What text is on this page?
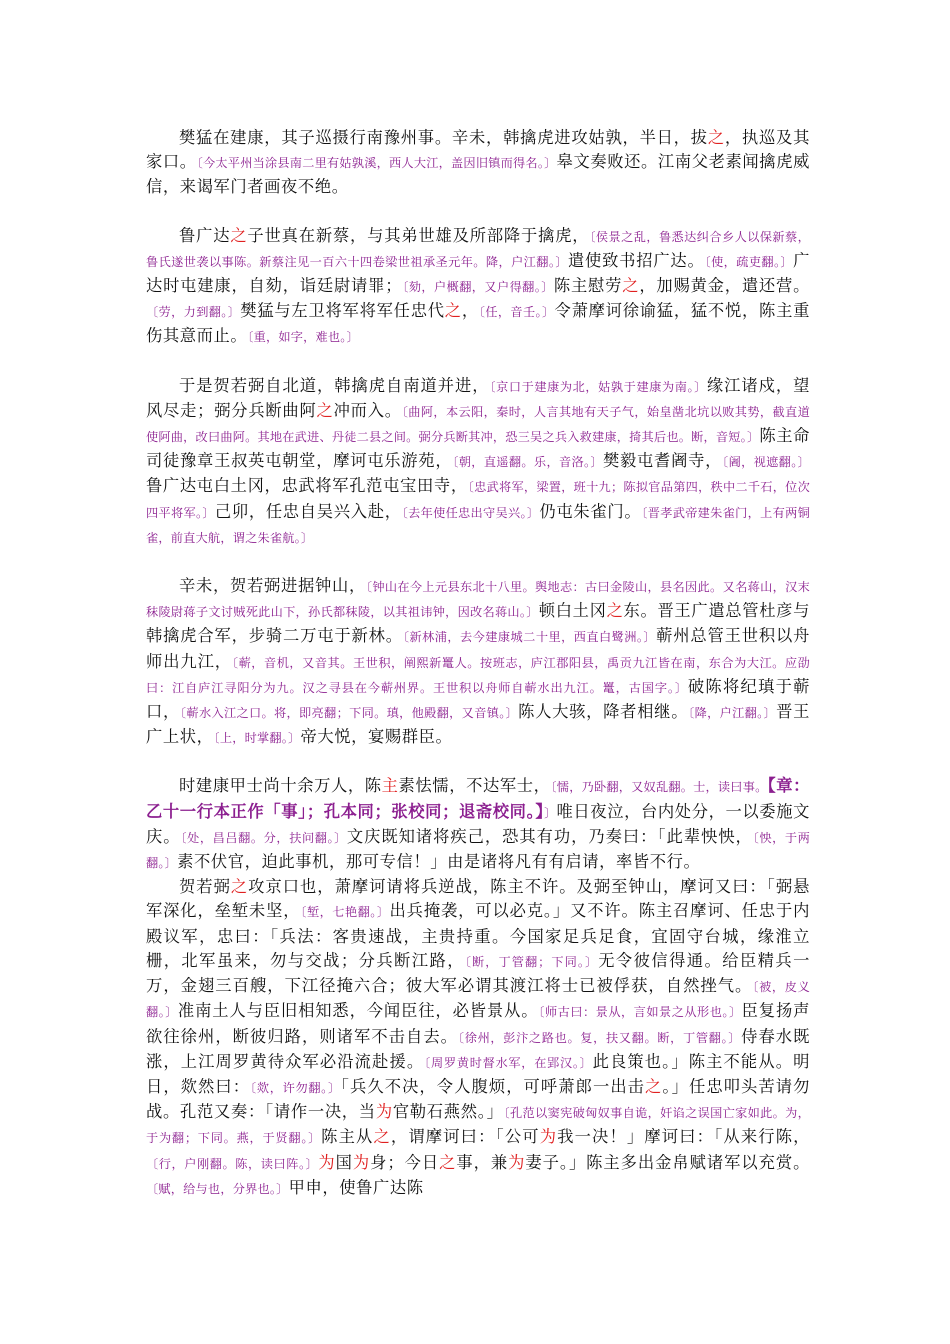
樊猛在建康，其子巡摄行南豫州事。辛未，韩擒虎进攻姑孰，半日，拔之，执巡及其家口。〔今太平州当涂县南二里有姑孰溪，西人大江，盖因旧镇而得名。〕皋文奏败还。江南父老素闻擒虎威信，来谒军门者画夜不绝。

鲁广达之子世真在新蔡，与其弟世雄及所部降于擒虎，〔侯景之乱，鲁悉达纠合乡人以保新蔡，鲁氏遂世袭以事陈。新蔡注见一百六十四卷梁世祖承圣元年。降，户江翻。〕遣使致书招广达。〔使，疏吏翻。〕广达时屯建康，自劾，诣廷尉请罪；〔劾，户概翻，又户得翻。〕陈主慰劳之，加赐黄金，遣还营。〔劳，力到翻。〕樊猛与左卫将军将军任忠代之，〔任，音壬。〕令萧摩诃徐谕猛，猛不悦，陈主重伤其意而止。〔重，如字，难也。〕

于是贺若弼自北道，韩擒虎自南道并进，〔京口于建康为北，姑孰于建康为南。〕缘江诸戍，望风尽走；弼分兵断曲阿之冲而入。〔曲阿，本云阳，秦时，人言其地有天子气，始皇凿北坑以败其势，截直道使阿曲，改曰曲阿。其地在武进、丹徒二县之间。弼分兵断其冲，恐三吴之兵入救建康，掎其后也。断，音短。〕陈主命司徒豫章王叔英屯朝堂，摩诃屯乐游苑，〔朝，直遥翻。乐，音洛。〕樊毅屯耆阇寺，〔阇，视遮翻。〕鲁广达屯白土冈，忠武将军孔范屯宝田寺，〔忠武将军，梁置，班十九；陈拟官品第四，秩中二千石，位次四平将军。〕己卯，任忠自吴兴入赴，〔去年使任忠出守吴兴。〕仍屯朱雀门。〔晋孝武帝建朱雀门，上有两铜雀，前直大航，谓之朱雀航。〕

辛未，贺若弼进据钟山，〔钟山在今上元县东北十八里。舆地志：古曰金陵山，县名因此。又名蒋山，汉末秣陵尉蒋子文讨贼死此山下，孙氏都秣陵，以其祖讳钟，因改名蒋山。〕顿白土冈之东。晋王广遣总管杜彦与韩擒虎合军，步骑二万屯于新林。〔新林浦，去今建康城二十里，西直白鹭洲。〕蕲州总管王世积以舟师出九江，〔蕲，音机，又音其。王世积，阐熙新鼍人。按班志，庐江郡阳县，禹贡九江皆在南，东合为大江。应劭曰：江自庐江寻阳分为九。汉之寻县在今蕲州界。王世积以舟师自蕲水出九江。鼍，古国字。〕破陈将纪瑱于蕲口，〔蕲水入江之口。将，即亮翻；下同。瑱，他殿翻，又音镇。〕陈人大骇，降者相继。〔降，户江翻。〕晋王广上状，〔上，时掌翻。〕帝大悦，宴赐群臣。

时建康甲士尚十余万人，陈主素怯懦，不达军士，〔懦，乃卧翻，又奴乱翻。士，读曰事。【章：乙十一行本正作「事」；孔本同；张校同；退斋校同。】〕唯日夜泣，台内处分，一以委施文庆。〔处，昌吕翻。分，扶问翻。〕文庆既知诸将疾己，恐其有功，乃奏曰：「此辈怏怏，〔怏，于两翻。〕素不伏官，迫此事机，那可专信！」由是诸将凡有有启请，率皆不行。

贺若弼之攻京口也，萧摩诃请将兵逆战，陈主不许。及弼至钟山，摩诃又曰：「弼悬军深化，垒堑未坚，〔堑，七艳翻。〕出兵掩袭，可以必克。」又不许。陈主召摩诃、任忠于内殿议军，忠曰：「兵法：客贵速战，主贵持重。今国家足兵足食，宜固守台城，缘淮立栅，北军虽来，勿与交战；分兵断江路，〔断，丁管翻；下同。〕无令彼信得通。给臣精兵一万，金翅三百艘，下江径掩六合；彼大军必谓其渡江将士已被俘获，自然挫气。〔被，皮义翻。〕准南土人与臣旧相知悉，今闻臣往，必皆景从。〔师古曰：景从，言如景之从形也。〕臣复扬声欲往徐州，断彼归路，则诸军不击自去。〔徐州，彭汴之路也。复，扶又翻。断，丁管翻。〕侍春水既涨，上江周罗黄待众军必沿流赴援。〔周罗黄时督水军，在郢汉。〕此良策也。」陈主不能从。明日，欻然曰：〔欻，许勿翻。〕「兵久不决，令人腹烦，可呼萧郎一出击之。」任忠叩头苦请勿战。孔范又奏：「请作一决，当为官勒石燕然。」〔孔范以窦宪破匈奴事自诡，奸谄之误国亡家如此。为，于为翻；下同。燕，于贤翻。〕陈主从之，谓摩诃曰：「公可为我一决！」摩诃曰：「从来行陈，〔行，户刚翻。陈，读曰阵。〕为国为身；今日之事，兼为妻子。」陈主多出金帛赋诸军以充赏。〔赋，给与也，分界也。〕甲申，使鲁广达陈
